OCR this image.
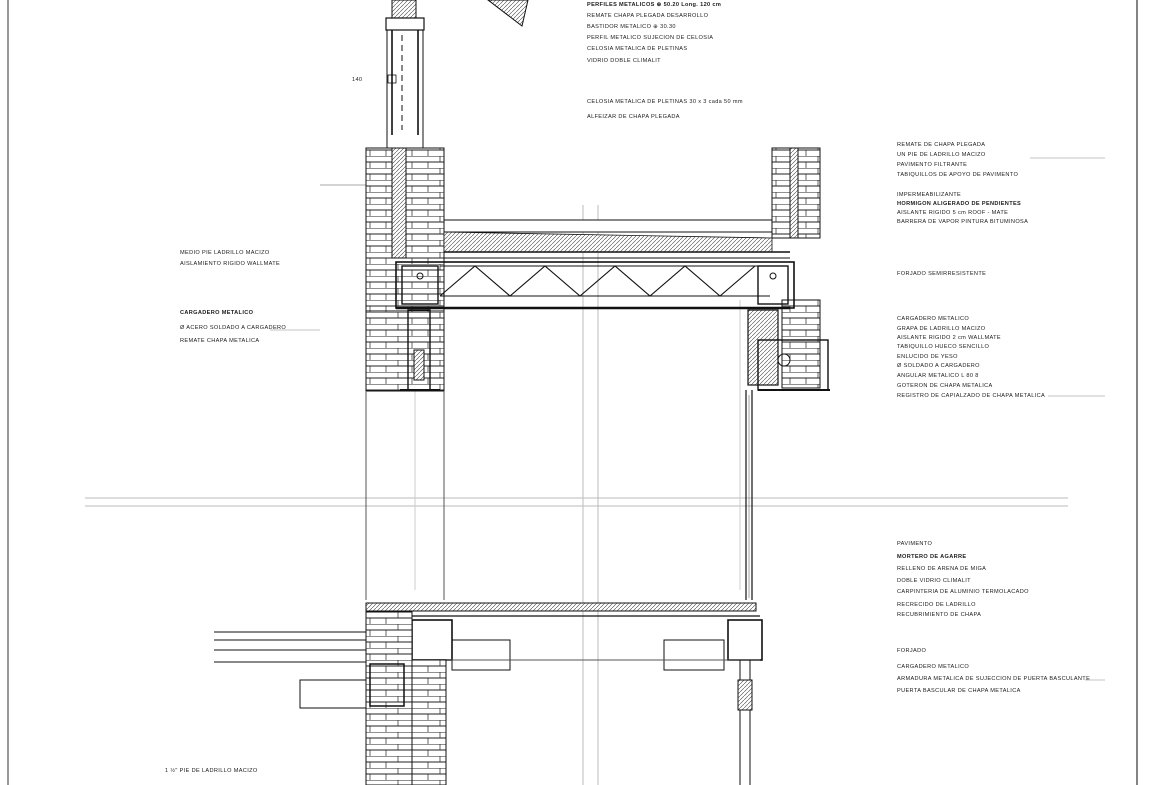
PERFILES METALICOS ⊕ 50.20 Long. 120 cm
REMATE CHAPA PLEGADA DESARROLLO
BASTIDOR METALICO ⊕ 30.30
PERFIL METALICO SUJECION DE CELOSIA
CELOSIA METALICA DE PLETINAS
VIDRIO DOBLE CLIMALIT
CELOSIA METALICA DE PLETINAS 30 x 3 cada 50 mm
ALFEIZAR DE CHAPA PLEGADA
140
REMATE DE CHAPA PLEGADA
UN PIE DE LADRILLO MACIZO
PAVIMENTO FILTRANTE
TABIQUILLOS DE APOYO DE PAVIMENTO
IMPERMEABILIZANTE
HORMIGON ALIGERADO DE PENDIENTES
AISLANTE RIGIDO 5 cm ROOF - MATE
BARRERA DE VAPOR PINTURA BITUMINOSA
FORJADO SEMIRRESISTENTE
CARGADERO METALICO
GRAPA DE LADRILLO MACIZO
AISLANTE RIGIDO 2 cm WALLMATE
TABIQUILLO HUECO SENCILLO
ENLUCIDO DE YESO
Ø SOLDADO A CARGADERO
ANGULAR METALICO L 80 8
GOTERON DE CHAPA METALICA
REGISTRO DE CAPIALZADO DE CHAPA METALICA
PAVIMENTO
MORTERO DE AGARRE
RELLENO DE ARENA DE MIGA
DOBLE VIDRIO CLIMALIT
CARPINTERIA DE ALUMINIO TERMOLACADO
RECRECIDO DE LADRILLO
RECUBRIMIENTO DE CHAPA
FORJADO
CARGADERO METALICO
ARMADURA METALICA DE SUJECCION DE PUERTA BASCULANTE
PUERTA BASCULAR DE CHAPA METALICA
MEDIO PIE LADRILLO MACIZO
AISLAMIENTO RIGIDO WALLMATE
CARGADERO METALICO
Ø ACERO SOLDADO A CARGADERO
REMATE CHAPA METALICA
1 ½" PIE DE LADRILLO MACIZO
